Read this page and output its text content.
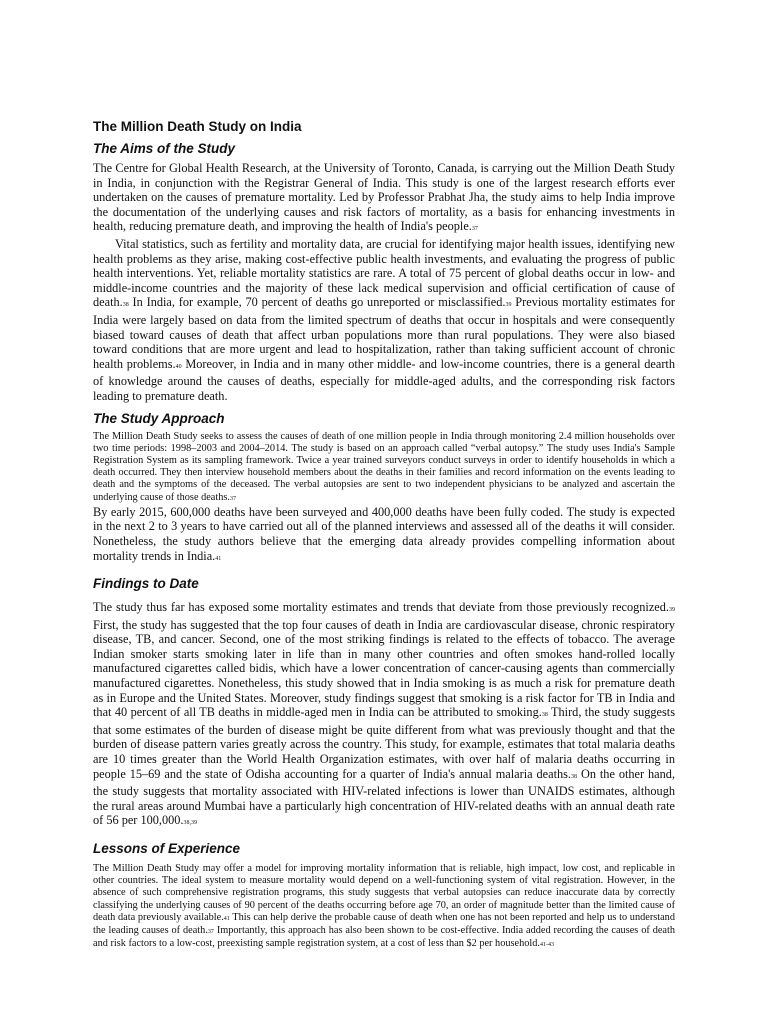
The Million Death Study on India
The Aims of the Study

The Centre for Global Health Research, at the University of Toronto, Canada, is carrying out the Million Death Study in India, in conjunction with the Registrar General of India. This study is one of the largest research efforts ever undertaken on the causes of premature mortality. Led by Professor Prabhat Jha, the study aims to help India improve the documentation of the underlying causes and risk factors of mortality, as a basis for enhancing investments in health, reducing premature death, and improving the health of India's people.37

Vital statistics, such as fertility and mortality data, are crucial for identifying major health issues, identifying new health problems as they arise, making cost-effective public health investments, and evaluating the progress of public health interventions. Yet, reliable mortality statistics are rare. A total of 75 percent of global deaths occur in low- and middle-income countries and the majority of these lack medical supervision and official certification of cause of death.38 In India, for example, 70 percent of deaths go unreported or misclassified.39 Previous mortality estimates for India were largely based on data from the limited spectrum of deaths that occur in hospitals and were consequently biased toward causes of death that affect urban populations more than rural populations. They were also biased toward conditions that are more urgent and lead to hospitalization, rather than taking sufficient account of chronic health problems.40 Moreover, in India and in many other middle- and low-income countries, there is a general dearth of knowledge around the causes of deaths, especially for middle-aged adults, and the corresponding risk factors leading to premature death.

The Study Approach

The Million Death Study seeks to assess the causes of death of one million people in India through monitoring 2.4 million households over two time periods: 1998–2003 and 2004–2014. The study is based on an approach called “verbal autopsy.” The study uses India's Sample Registration System as its sampling framework. Twice a year trained surveyors conduct surveys in order to identify households in which a death occurred. They then interview household members about the deaths in their families and record information on the events leading to death and the symptoms of the deceased. The verbal autopsies are sent to two independent physicians to be analyzed and ascertain the underlying cause of those deaths.37

By early 2015, 600,000 deaths have been surveyed and 400,000 deaths have been fully coded. The study is expected in the next 2 to 3 years to have carried out all of the planned interviews and assessed all of the deaths it will consider. Nonetheless, the study authors believe that the emerging data already provides compelling information about mortality trends in India.41

Findings to Date

The study thus far has exposed some mortality estimates and trends that deviate from those previously recognized.39 First, the study has suggested that the top four causes of death in India are cardiovascular disease, chronic respiratory disease, TB, and cancer. Second, one of the most striking findings is related to the effects of tobacco. The average Indian smoker starts smoking later in life than in many other countries and often smokes hand-rolled locally manufactured cigarettes called bidis, which have a lower concentration of cancer-causing agents than commercially manufactured cigarettes. Nonetheless, this study showed that in India smoking is as much a risk for premature death as in Europe and the United States. Moreover, study findings suggest that smoking is a risk factor for TB in India and that 40 percent of all TB deaths in middle-aged men in India can be attributed to smoking.38 Third, the study suggests that some estimates of the burden of disease might be quite different from what was previously thought and that the burden of disease pattern varies greatly across the country. This study, for example, estimates that total malaria deaths are 10 times greater than the World Health Organization estimates, with over half of malaria deaths occurring in people 15–69 and the state of Odisha accounting for a quarter of India's annual malaria deaths.38 On the other hand, the study suggests that mortality associated with HIV-related infections is lower than UNAIDS estimates, although the rural areas around Mumbai have a particularly high concentration of HIV-related deaths with an annual death rate of 56 per 100,000.38,39

Lessons of Experience

The Million Death Study may offer a model for improving mortality information that is reliable, high impact, low cost, and replicable in other countries. The ideal system to measure mortality would depend on a well-functioning system of vital registration. However, in the absence of such comprehensive registration programs, this study suggests that verbal autopsies can reduce inaccurate data by correctly classifying the underlying causes of 90 percent of the deaths occurring before age 70, an order of magnitude better than the limited cause of death data previously available.41 This can help derive the probable cause of death when one has not been reported and help us to understand the leading causes of death.37 Importantly, this approach has also been shown to be cost-effective. India added recording the causes of death and risk factors to a low-cost, preexisting sample registration system, at a cost of less than $2 per household.41-43
